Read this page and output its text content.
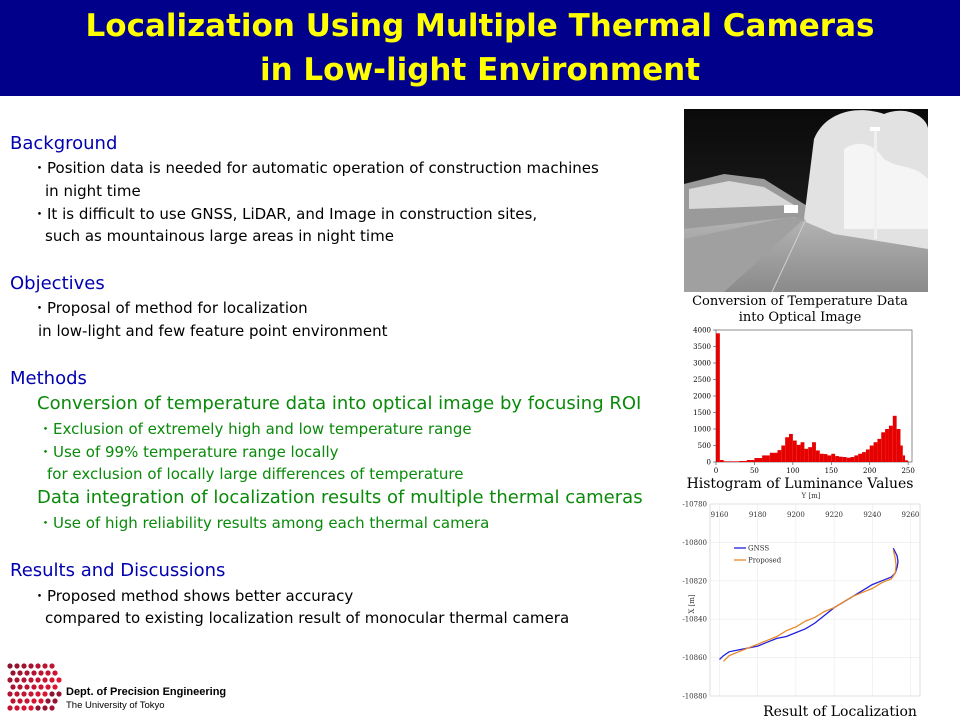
Localization Using Multiple Thermal Cameras
in Low-light Environment
Background
・Position data is needed for automatic operation of construction machines
in night time
・It is difficult to use GNSS, LiDAR, and Image in construction sites,
such as mountainous large areas in night time
Objectives
・Proposal of method for localization
in low-light and few feature point environment
Methods
Conversion of temperature data into optical image by focusing ROI
・Exclusion of extremely high and low temperature range
・Use of 99% temperature range locally
for exclusion of locally large differences of temperature
Data integration of localization results of multiple thermal cameras
・Use of high reliability results among each thermal camera
Results and Discussions
・Proposed method shows better accuracy
compared to existing localization result of monocular thermal camera
Dept. of Precision Engineering
The University of Tokyo
Conversion of Temperature Data
into Optical Image
0	50	100	150	200	250
0
500
1000
1500
2000
2500
3000
3500
4000
Histogram of Luminance Values
9160	9180	9200	9220	9240	9260
-10780
-10800
-10820
-10840
-10860
-10880
Y [m]
X [m]
GNSS
Proposed
Result of Localization
